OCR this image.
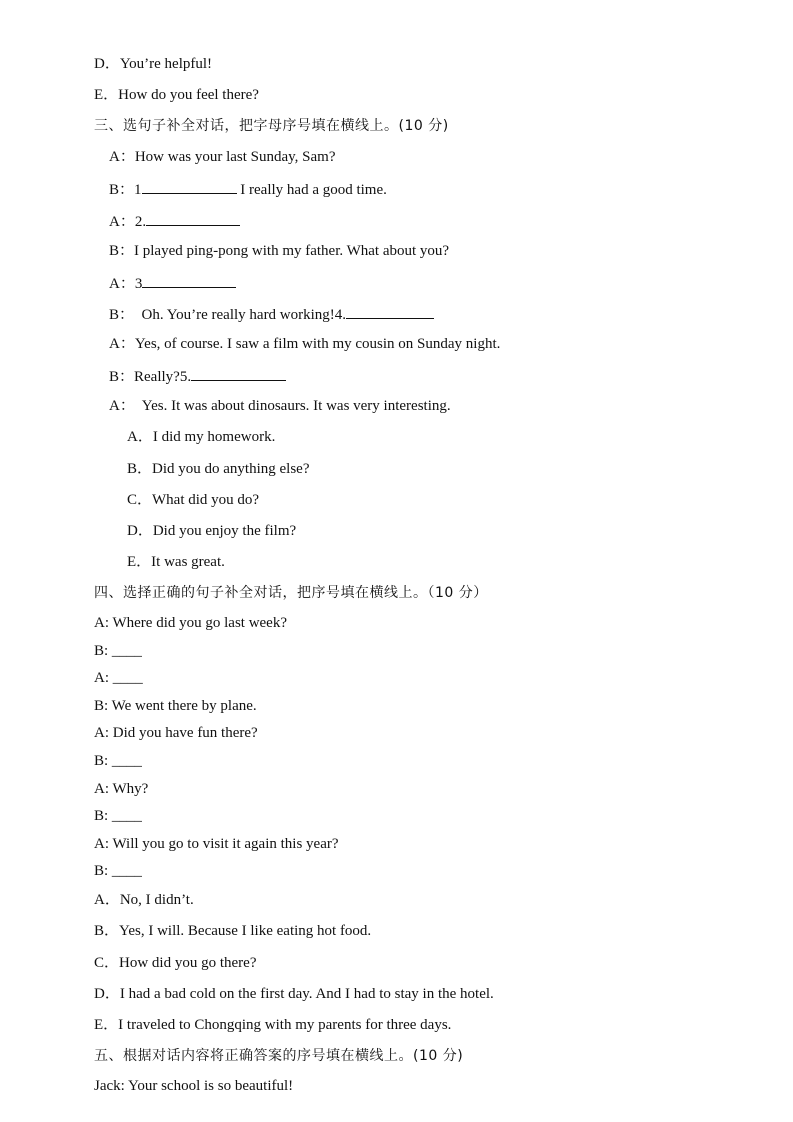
D．You’re helpful!
E．How do you feel there?
三、选句子补全对话，把字母序号填在横线上。(10 分)
A：How was your last Sunday, Sam?
B：1	I really had a good time.
A：2.
B：I played ping-pong with my father. What about you?
A：3
B：  Oh. You’re really hard working!4.
A：Yes, of course. I saw a film with my cousin on Sunday night.
B：Really?5.
A：  Yes. It was about dinosaurs. It was very interesting.
A．I did my homework.
B．Did you do anything else?
C．What did you do?
D．Did you enjoy the film?
E．It was great.
四、选择正确的句子补全对话，把序号填在横线上。（10 分）
A: Where did you go last week?
B: ____
A: ____
B: We went there by plane.
A: Did you have fun there?
B: ____
A: Why?
B: ____
A: Will you go to visit it again this year?
B: ____
A．No, I didn’t.
B．Yes, I will. Because I like eating hot food.
C．How did you go there?
D．I had a bad cold on the first day. And I had to stay in the hotel.
E．I traveled to Chongqing with my parents for three days.
五、根据对话内容将正确答案的序号填在横线上。(10 分)
Jack: Your school is so beautiful!
